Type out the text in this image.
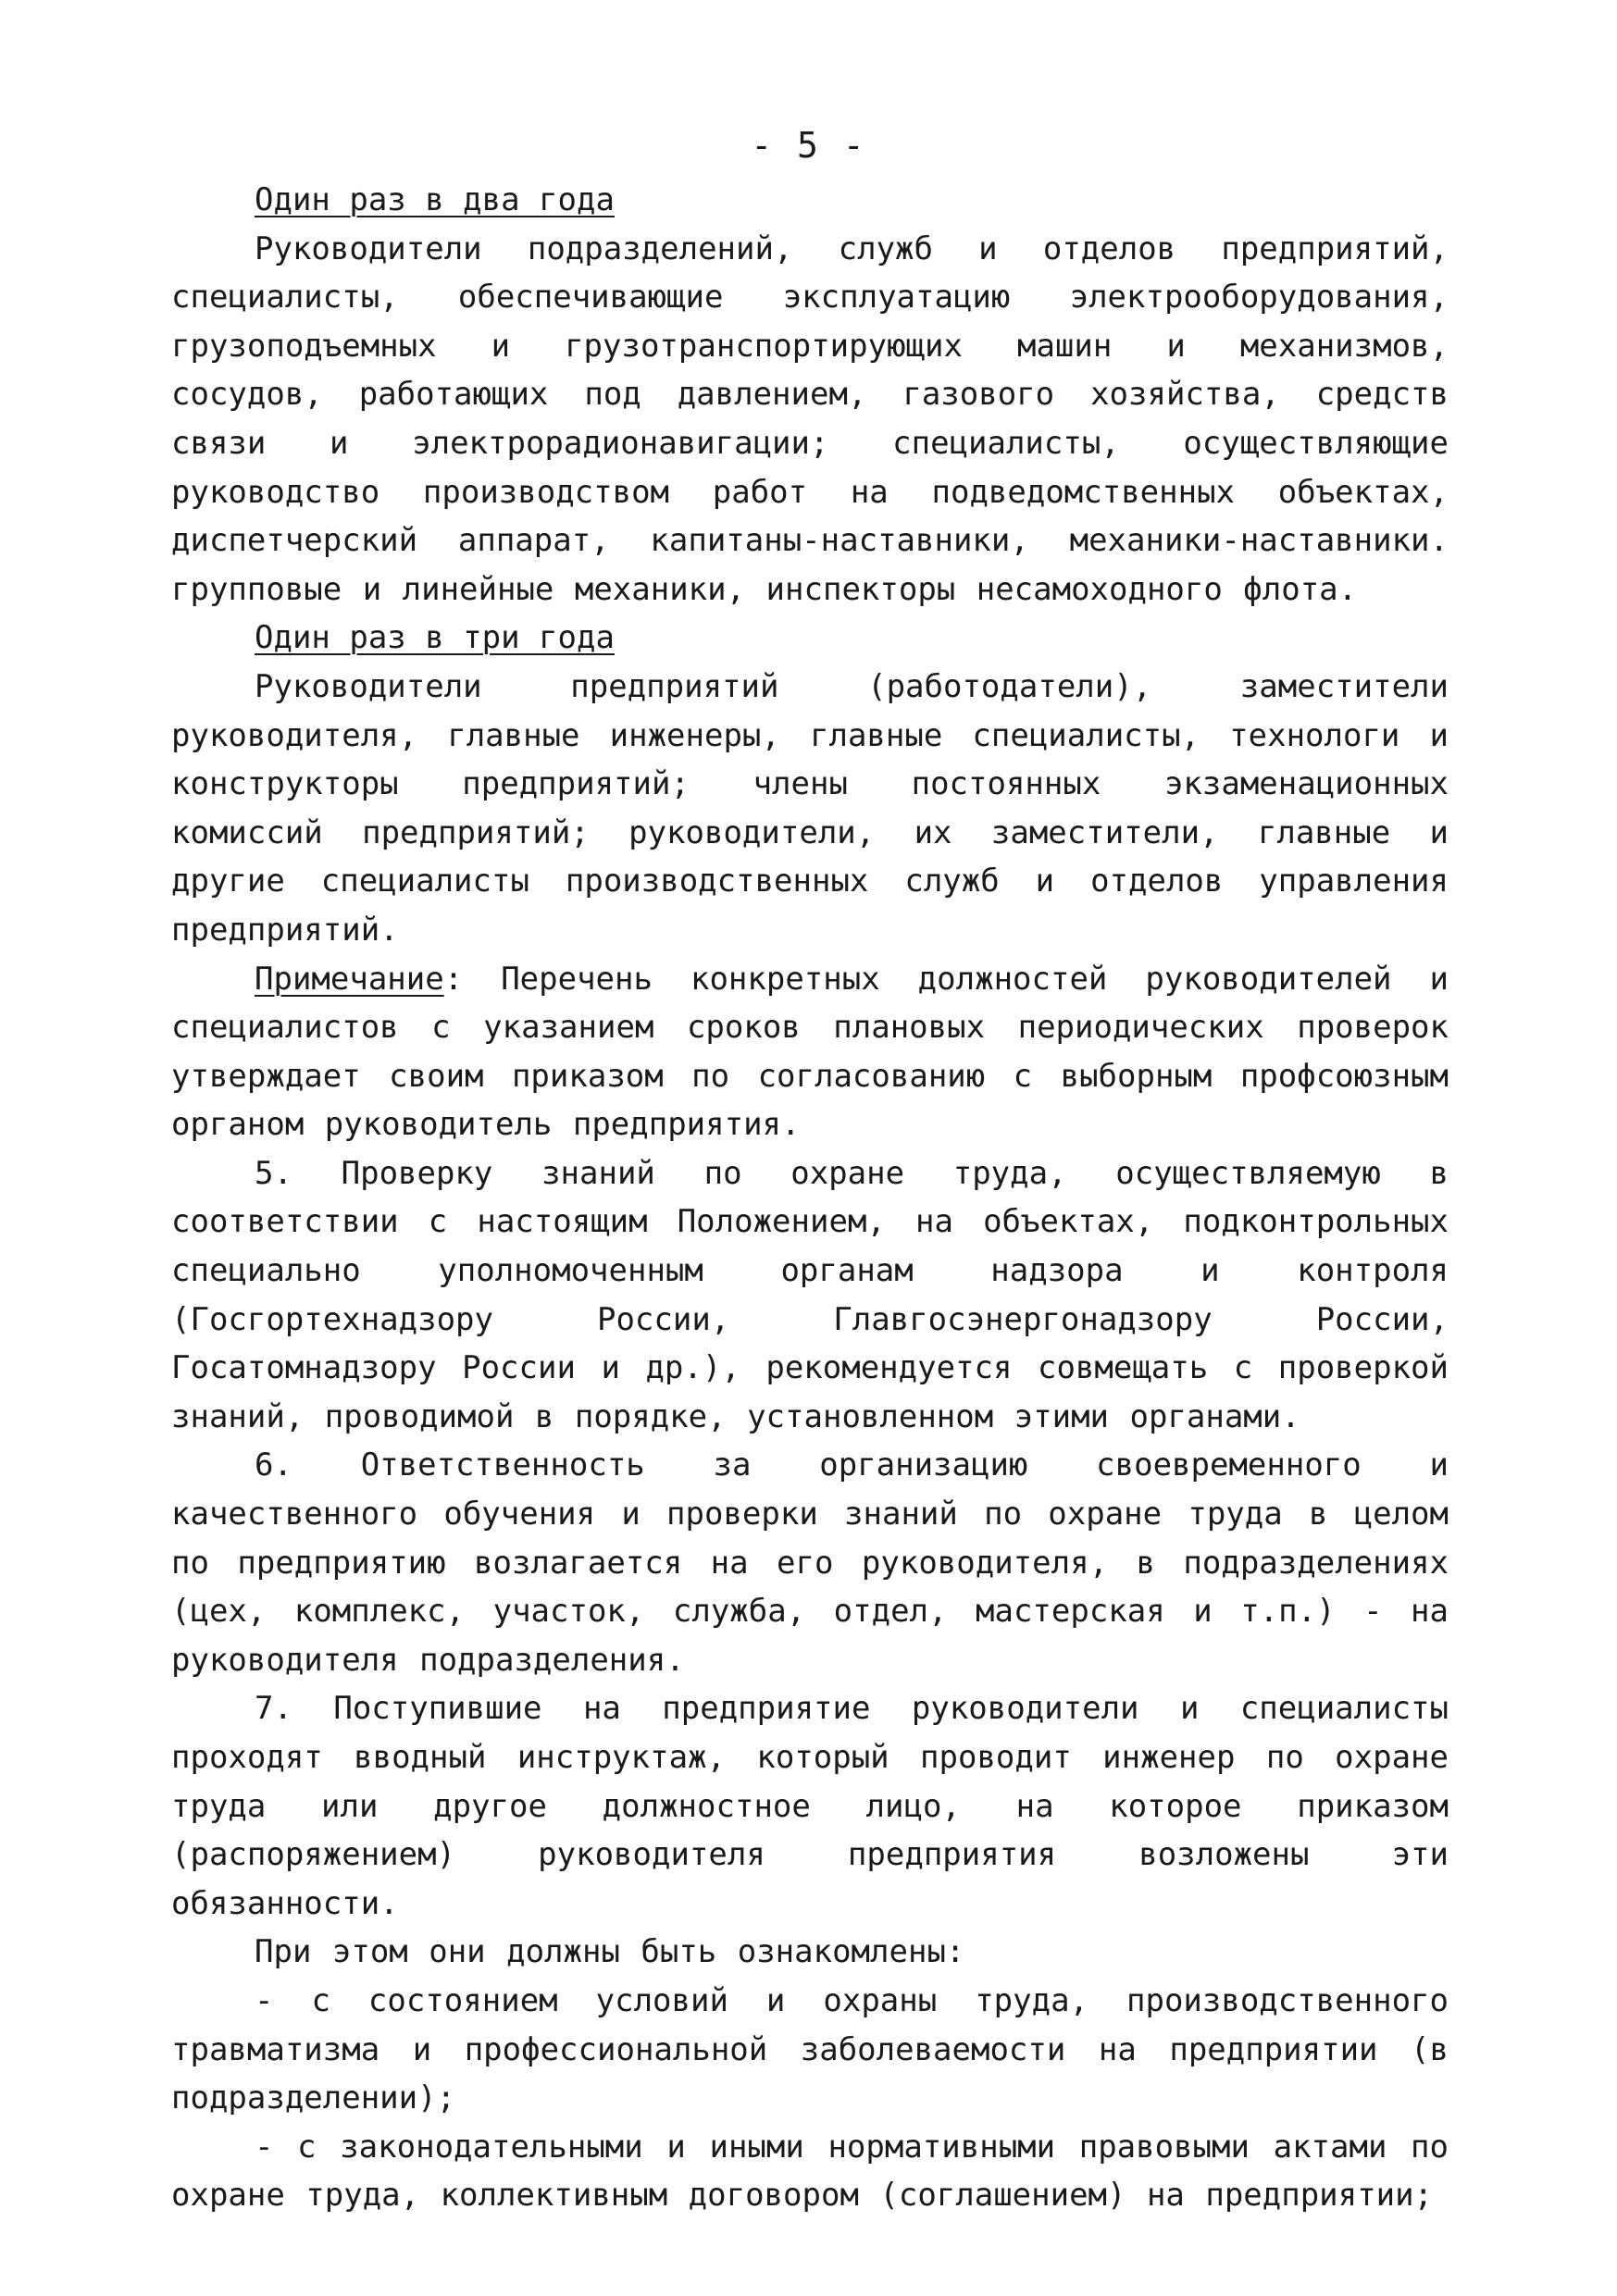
- 5 -

Один раз в два года

Руководители подразделений, служб и отделов предприятий, специалисты, обеспечивающие эксплуатацию электрооборудования, грузоподъемных и грузотранспортирующих машин и механизмов, сосудов, работающих под давлением, газового хозяйства, средств связи и электрорадионавигации; специалисты, осуществляющие руководство производством работ на подведомственных объектах, диспетчерский аппарат, капитаны-наставники, механики-наставники. групповые и линейные механики, инспекторы несамоходного флота.

Один раз в три года

Руководители предприятий (работодатели), заместители руководителя, главные инженеры, главные специалисты, технологи и конструкторы предприятий; члены постоянных экзаменационных комиссий предприятий; руководители, их заместители, главные и другие специалисты производственных служб и отделов управления предприятий.

Примечание: Перечень конкретных должностей руководителей и специалистов с указанием сроков плановых периодических проверок утверждает своим приказом по согласованию с выборным профсоюзным органом руководитель предприятия.

5. Проверку знаний по охране труда, осуществляемую в соответствии с настоящим Положением, на объектах, подконтрольных специально уполномоченным органам надзора и контроля (Госгортехнадзору России, Главгосэнергонадзору России, Госатомнадзору России и др.), рекомендуется совмещать с проверкой знаний, проводимой в порядке, установленном этими органами.

6. Ответственность за организацию своевременного и качественного обучения и проверки знаний по охране труда в целом по предприятию возлагается на его руководителя, в подразделениях (цех, комплекс, участок, служба, отдел, мастерская и т.п.) - на руководителя подразделения.

7. Поступившие на предприятие руководители и специалисты проходят вводный инструктаж, который проводит инженер по охране труда или другое должностное лицо, на которое приказом (распоряжением) руководителя предприятия возложены эти обязанности.

При этом они должны быть ознакомлены:

- с состоянием условий и охраны труда, производственного травматизма и профессиональной заболеваемости на предприятии (в подразделении);

- с законодательными и иными нормативными правовыми актами по охране труда, коллективным договором (соглашением) на предприятии;
